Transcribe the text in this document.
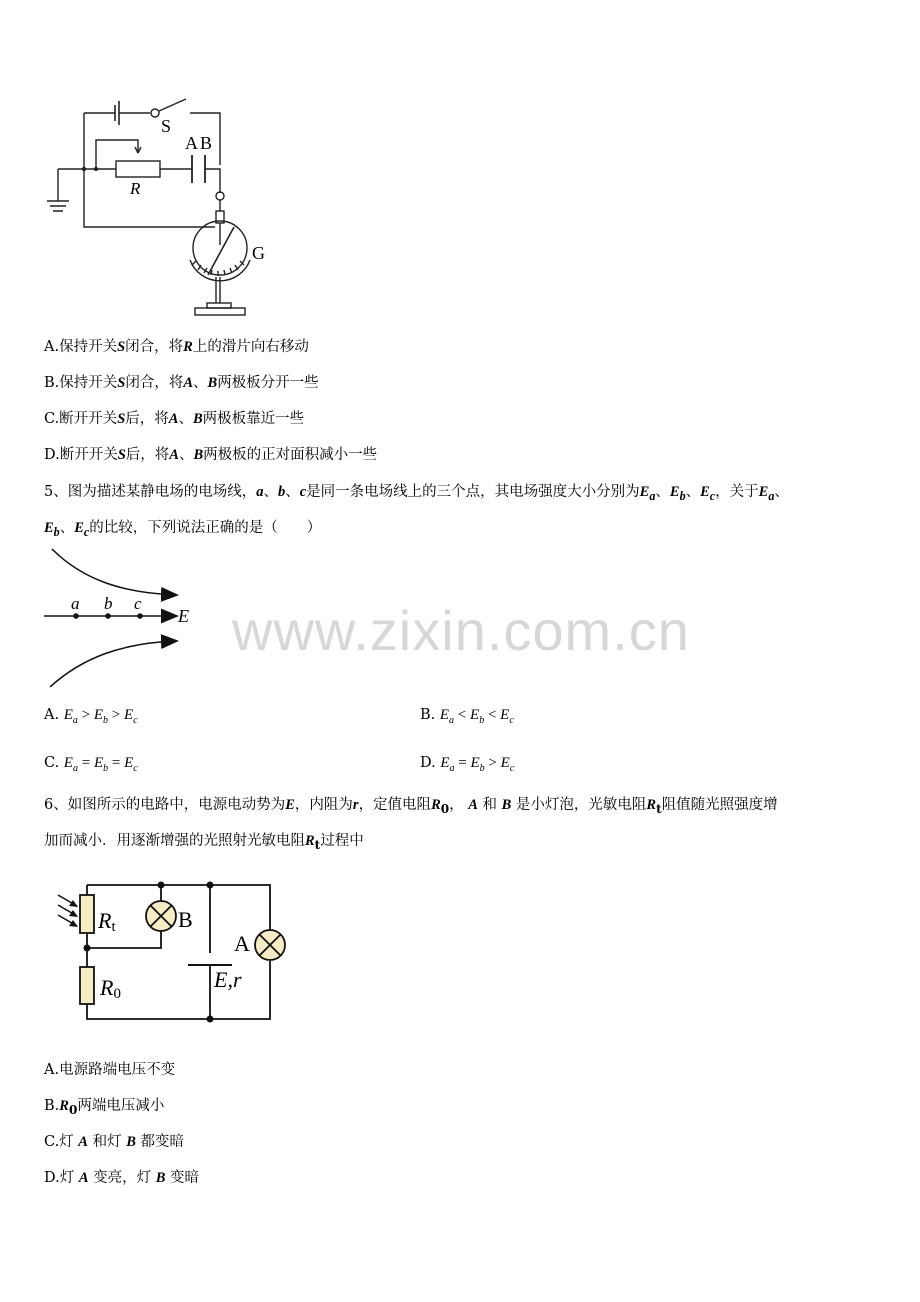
S
AB
R
G
A.保持开关S闭合，将R上的滑片向右移动
B.保持开关S闭合，将A、B两极板分开一些
C.断开开关S后，将A、B两极板靠近一些
D.断开开关S后，将A、B两极板的正对面积减小一些
5、图为描述某静电场的电场线，a、b、c是同一条电场线上的三个点，其电场强度大小分别为$E_a$、$E_b$、$E_c$，关于$E_a$、
$E_b$、$E_c$的比较，下列说法正确的是（　　）
a b c
E www.zixin.com.cn
A. $E_a > E_b > E_c$	B. $E_a < E_b < E_c$
C. $E_a = E_b = E_c$	D. $E_a = E_b > E_c$
6、如图所示的电路中，电源电动势为E，内阻为r，定值电阻$R_0$， A 和 B 是小灯泡，光敏电阻$R_t$阻值随光照强度增
加而减小．用逐渐增强的光照射光敏电阻$R_t$过程中
Rt	B
A
R0
E,r
A.电源路端电压不变
$B.R_0$两端电压减小
C.灯 A 和灯 B 都变暗
D.灯 A 变亮，灯 B 变暗
